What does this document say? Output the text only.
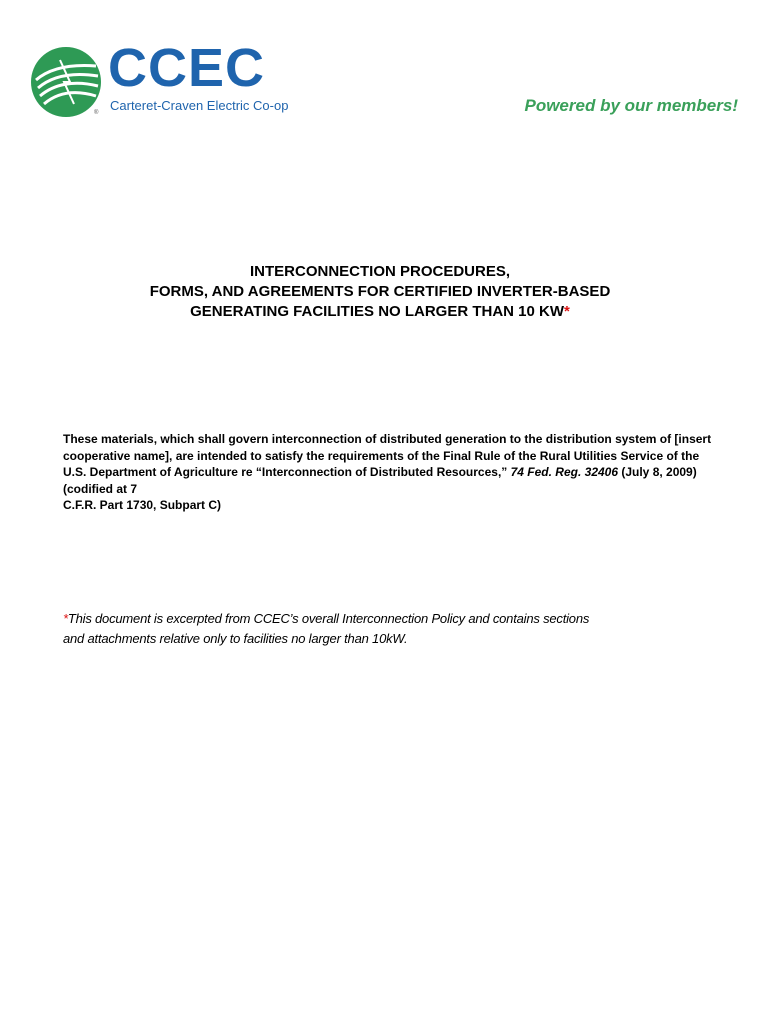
CCEC
Carteret-Craven Electric Co-op
®	Powered by our members!
INTERCONNECTION PROCEDURES,
FORMS, AND AGREEMENTS FOR CERTIFIED INVERTER-BASED
GENERATING FACILITIES NO LARGER THAN 10 KW*
These materials, which shall govern interconnection of distributed generation to the distribution system of [insert cooperative name], are intended to satisfy the requirements of the Final Rule of the Rural Utilities Service of the U.S. Department of Agriculture re “Interconnection of Distributed Resources,” 74 Fed. Reg. 32406 (July 8, 2009) (codified at 7
C.F.R. Part 1730, Subpart C)
*This document is excerpted from CCEC’s overall Interconnection Policy and contains sections
and attachments relative only to facilities no larger than 10kW.
